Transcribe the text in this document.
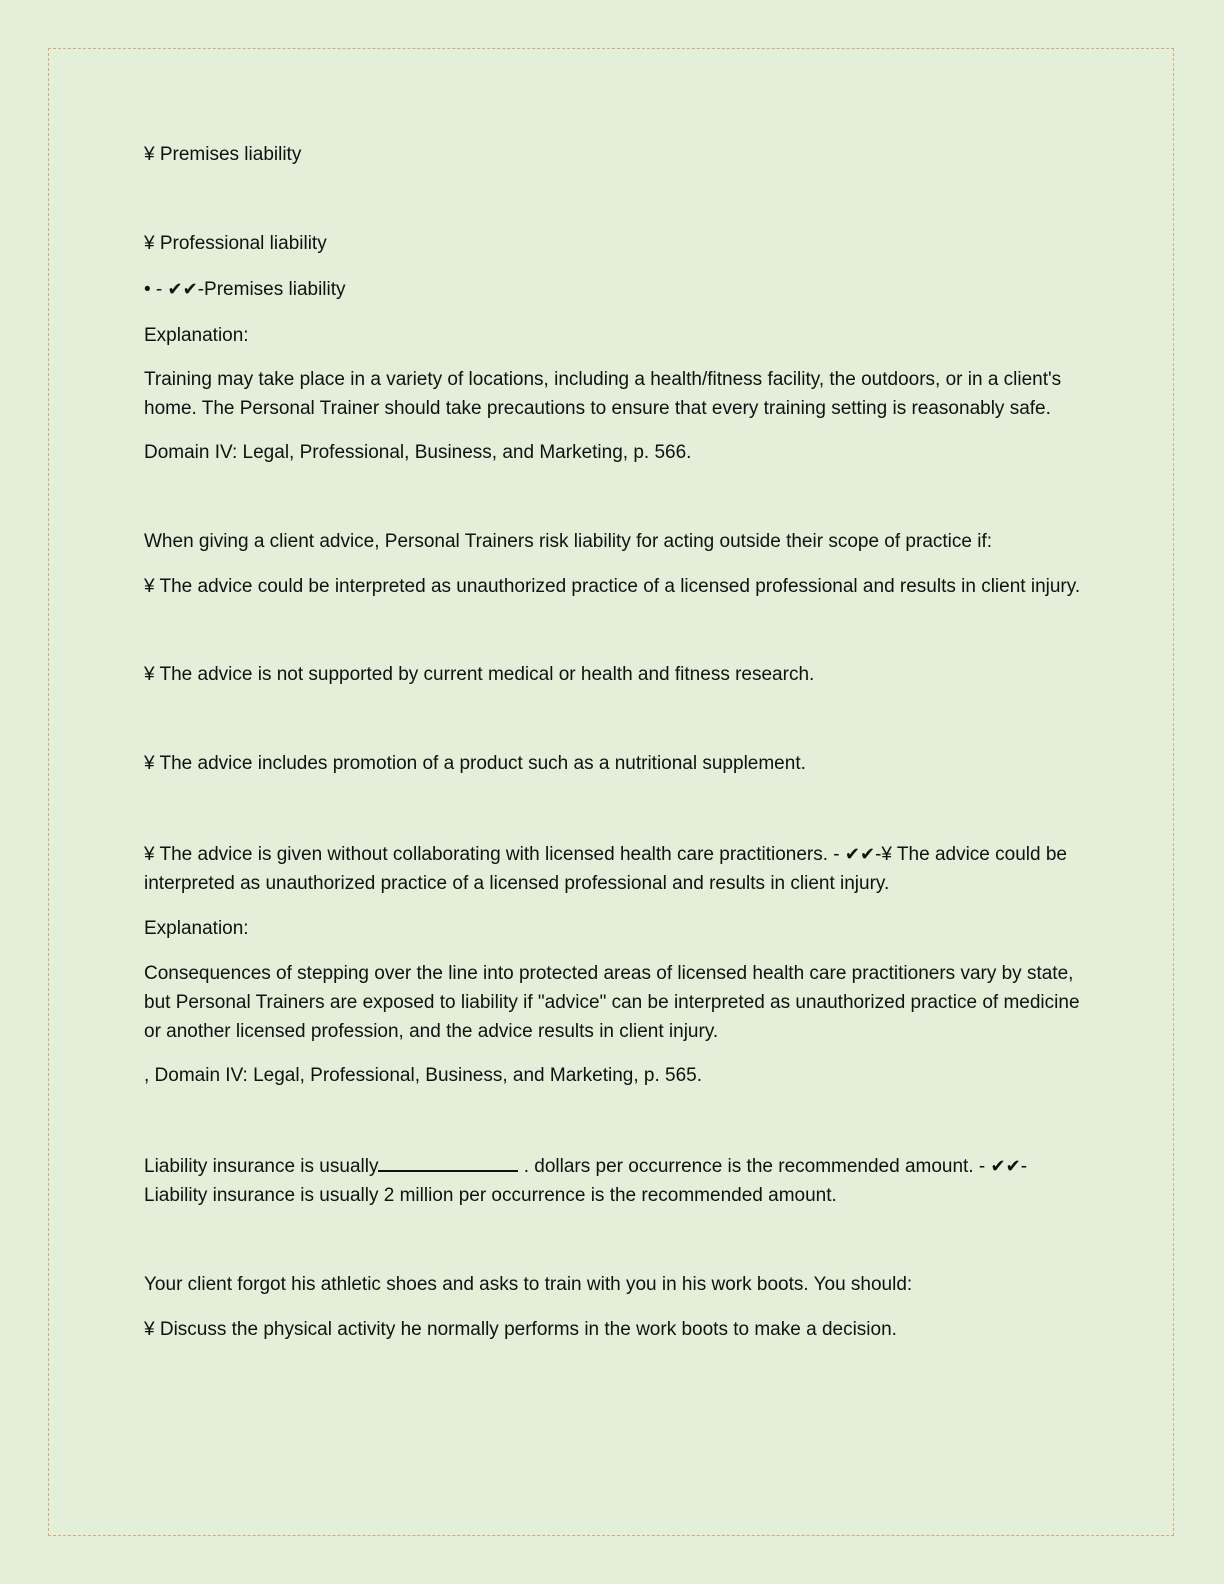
¥ Premises liability

¥ Professional liability

• - ✔✔-Premises liability

Explanation:

Training may take place in a variety of locations, including a health/fitness facility, the outdoors, or in a client's home. The Personal Trainer should take precautions to ensure that every training setting is reasonably safe.

Domain IV: Legal, Professional, Business, and Marketing, p. 566.

When giving a client advice, Personal Trainers risk liability for acting outside their scope of practice if:

¥ The advice could be interpreted as unauthorized practice of a licensed professional and results in client injury.

¥ The advice is not supported by current medical or health and fitness research.

¥ The advice includes promotion of a product such as a nutritional supplement.

¥ The advice is given without collaborating with licensed health care practitioners. - ✔✔-¥ The advice could be interpreted as unauthorized practice of a licensed professional and results in client injury.

Explanation:

Consequences of stepping over the line into protected areas of licensed health care practitioners vary by state, but Personal Trainers are exposed to liability if "advice" can be interpreted as unauthorized practice of medicine or another licensed profession, and the advice results in client injury.

, Domain IV: Legal, Professional, Business, and Marketing, p. 565.

Liability insurance is usually	. dollars per occurrence is the recommended amount. - ✔✔-Liability insurance is usually 2 million per occurrence is the recommended amount.

Your client forgot his athletic shoes and asks to train with you in his work boots. You should:

¥ Discuss the physical activity he normally performs in the work boots to make a decision.
